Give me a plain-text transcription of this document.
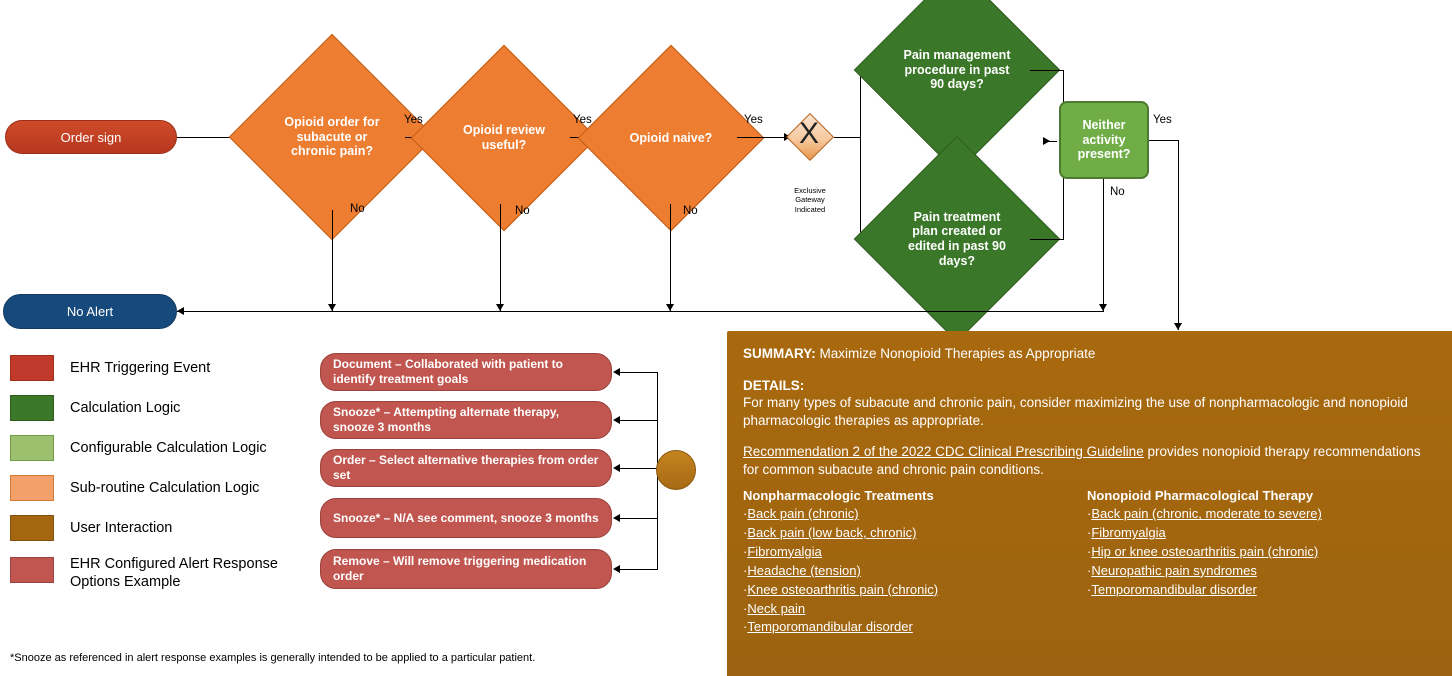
Order sign
Opioid order for subacute or chronic pain?
Yes
No
Opioid review useful?
Yes
No
Opioid naive?
Yes
No
X
Exclusive Gateway Indicated
Pain management procedure in past 90 days?
Pain treatment plan created or edited in past 90 days?
Neither activity present?
Yes
No
No Alert
EHR Triggering Event
Calculation Logic
Configurable Calculation Logic
Sub-routine Calculation Logic
User Interaction
EHR Configured Alert Response Options Example
Document – Collaborated with patient to identify treatment goals
Snooze* – Attempting alternate therapy, snooze 3 months
Order – Select alternative therapies from order set
Snooze* – N/A see comment, snooze 3 months
Remove – Will remove triggering medication order
SUMMARY: Maximize Nonopioid Therapies as Appropriate
DETAILS:
For many types of subacute and chronic pain, consider maximizing the use of nonpharmacologic and nonopioid pharmacologic therapies as appropriate.
Recommendation 2 of the 2022 CDC Clinical Prescribing Guideline provides nonopioid therapy recommendations for common subacute and chronic pain conditions.
Nonpharmacologic Treatments
·Back pain (chronic)
·Back pain (low back, chronic)
·Fibromyalgia
·Headache (tension)
·Knee osteoarthritis pain (chronic)
·Neck pain
·Temporomandibular disorder
Nonopioid Pharmacological Therapy
·Back pain (chronic, moderate to severe)
·Fibromyalgia
·Hip or knee osteoarthritis pain (chronic)
·Neuropathic pain syndromes
·Temporomandibular disorder
*Snooze as referenced in alert response examples is generally intended to be applied to a particular patient.
